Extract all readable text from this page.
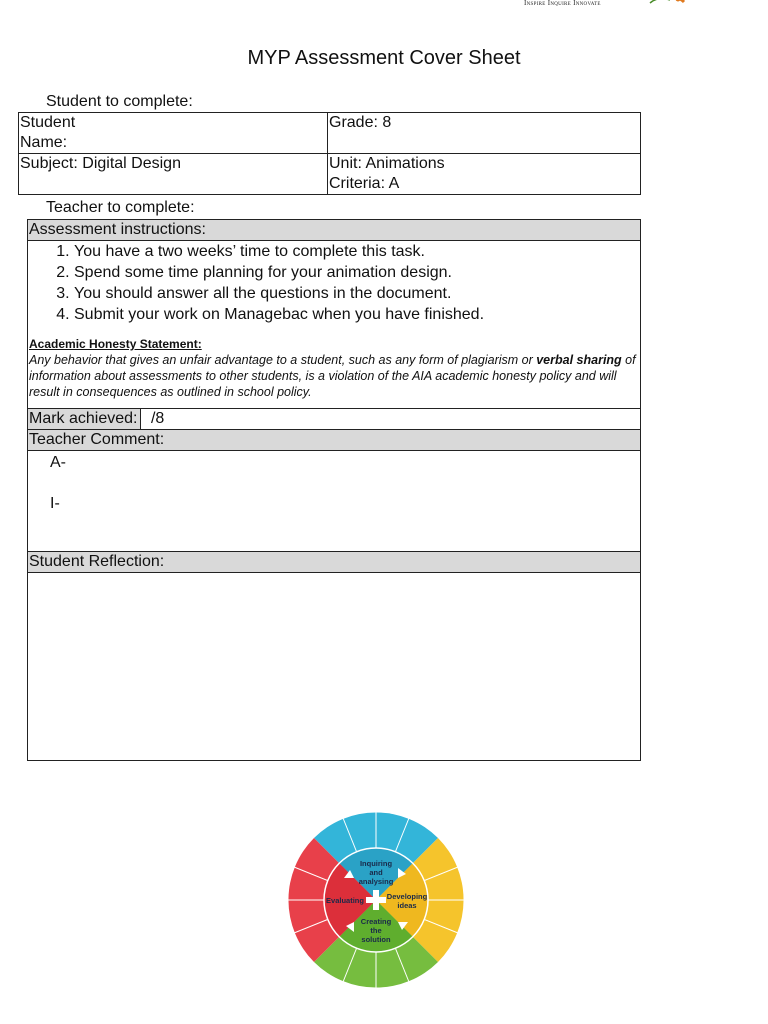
Inspire Inquire Innovate
MYP Assessment Cover Sheet
Student to complete:
Student
Name:	Grade: 8
Subject: Digital Design	Unit: Animations
Criteria: A
Teacher to complete:
Assessment instructions:
1. You have a two weeks’ time to complete this task.
2. Spend some time planning for your animation design.
3. You should answer all the questions in the document.
4. Submit your work on Managebac when you have finished.
Academic Honesty Statement:
Any behavior that gives an unfair advantage to a student, such as any form of plagiarism or verbal sharing of information about assessments to other students, is a violation of the AIA academic honesty policy and will result in consequences as outlined in school policy.
Mark achieved: /8
Teacher Comment:
A-
I-
Student Reflection:
Inquiring
and
analysing
Developing
ideas
Creating
the
solution
Evaluating
